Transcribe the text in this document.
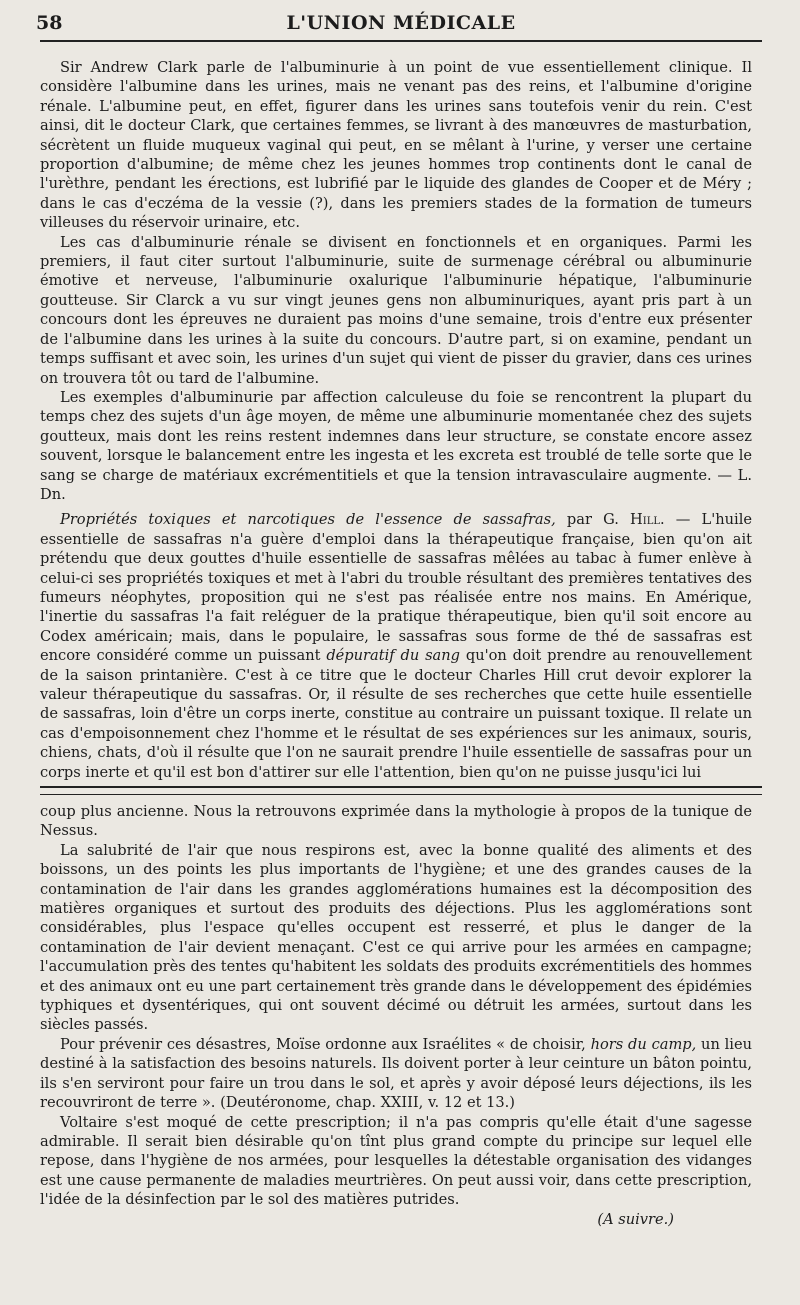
58	L'UNION MÉDICALE

Sir Andrew Clark parle de l'albuminurie à un point de vue essentiellement clinique. Il considère l'albumine dans les urines, mais ne venant pas des reins, et l'albumine d'origine rénale. L'albumine peut, en effet, figurer dans les urines sans toutefois venir du rein. C'est ainsi, dit le docteur Clark, que certaines femmes, se livrant à des manœuvres de masturbation, sécrètent un fluide muqueux vaginal qui peut, en se mêlant à l'urine, y verser une certaine proportion d'albumine; de même chez les jeunes hommes trop continents dont le canal de l'urèthre, pendant les érections, est lubrifié par le liquide des glandes de Cooper et de Méry ; dans le cas d'eczéma de la vessie (?), dans les premiers stades de la formation de tumeurs villeuses du réservoir urinaire, etc.

Les cas d'albuminurie rénale se divisent en fonctionnels et en organiques. Parmi les premiers, il faut citer surtout l'albuminurie, suite de surmenage cérébral ou albuminurie émotive et nerveuse, l'albuminurie oxalurique l'albuminurie hépatique, l'albuminurie goutteuse. Sir Clarck a vu sur vingt jeunes gens non albuminuriques, ayant pris part à un concours dont les épreuves ne duraient pas moins d'une semaine, trois d'entre eux présenter de l'albumine dans les urines à la suite du concours. D'autre part, si on examine, pendant un temps suffisant et avec soin, les urines d'un sujet qui vient de pisser du gravier, dans ces urines on trouvera tôt ou tard de l'albumine.

Les exemples d'albuminurie par affection calculeuse du foie se rencontrent la plupart du temps chez des sujets d'un âge moyen, de même une albuminurie momentanée chez des sujets goutteux, mais dont les reins restent indemnes dans leur structure, se constate encore assez souvent, lorsque le balancement entre les ingesta et les excreta est troublé de telle sorte que le sang se charge de matériaux excrémentitiels et que la tension intravasculaire augmente. — L. Dn.

Propriétés toxiques et narcotiques de l'essence de sassafras, par G. Hill. — L'huile essentielle de sassafras n'a guère d'emploi dans la thérapeutique française, bien qu'on ait prétendu que deux gouttes d'huile essentielle de sassafras mêlées au tabac à fumer enlève à celui-ci ses propriétés toxiques et met à l'abri du trouble résultant des premières tentatives des fumeurs néophytes, proposition qui ne s'est pas réalisée entre nos mains. En Amérique, l'inertie du sassafras l'a fait reléguer de la pratique thérapeutique, bien qu'il soit encore au Codex américain; mais, dans le populaire, le sassafras sous forme de thé de sassafras est encore considéré comme un puissant dépuratif du sang qu'on doit prendre au renouvellement de la saison printanière. C'est à ce titre que le docteur Charles Hill crut devoir explorer la valeur thérapeutique du sassafras. Or, il résulte de ses recherches que cette huile essentielle de sassafras, loin d'être un corps inerte, constitue au contraire un puissant toxique. Il relate un cas d'empoisonnement chez l'homme et le résultat de ses expériences sur les animaux, souris, chiens, chats, d'où il résulte que l'on ne saurait prendre l'huile essentielle de sassafras pour un corps inerte et qu'il est bon d'attirer sur elle l'attention, bien qu'on ne puisse jusqu'ici lui

coup plus ancienne. Nous la retrouvons exprimée dans la mythologie à propos de la tunique de Nessus.

La salubrité de l'air que nous respirons est, avec la bonne qualité des aliments et des boissons, un des points les plus importants de l'hygiène; et une des grandes causes de la contamination de l'air dans les grandes agglomérations humaines est la décomposition des matières organiques et surtout des produits des déjections. Plus les agglomérations sont considérables, plus l'espace qu'elles occupent est resserré, et plus le danger de la contamination de l'air devient menaçant. C'est ce qui arrive pour les armées en campagne; l'accumulation près des tentes qu'habitent les soldats des produits excrémentitiels des hommes et des animaux ont eu une part certainement très grande dans le développement des épidémies typhiques et dysentériques, qui ont souvent décimé ou détruit les armées, surtout dans les siècles passés.

Pour prévenir ces désastres, Moïse ordonne aux Israélites « de choisir, hors du camp, un lieu destiné à la satisfaction des besoins naturels. Ils doivent porter à leur ceinture un bâton pointu, ils s'en serviront pour faire un trou dans le sol, et après y avoir déposé leurs déjections, ils les recouvriront de terre ». (Deutéronome, chap. XXIII, v. 12 et 13.)

Voltaire s'est moqué de cette prescription; il n'a pas compris qu'elle était d'une sagesse admirable. Il serait bien désirable qu'on tînt plus grand compte du principe sur lequel elle repose, dans l'hygiène de nos armées, pour lesquelles la détestable organisation des vidanges est une cause permanente de maladies meurtrières. On peut aussi voir, dans cette prescription, l'idée de la désinfection par le sol des matières putrides.

(A suivre.)
